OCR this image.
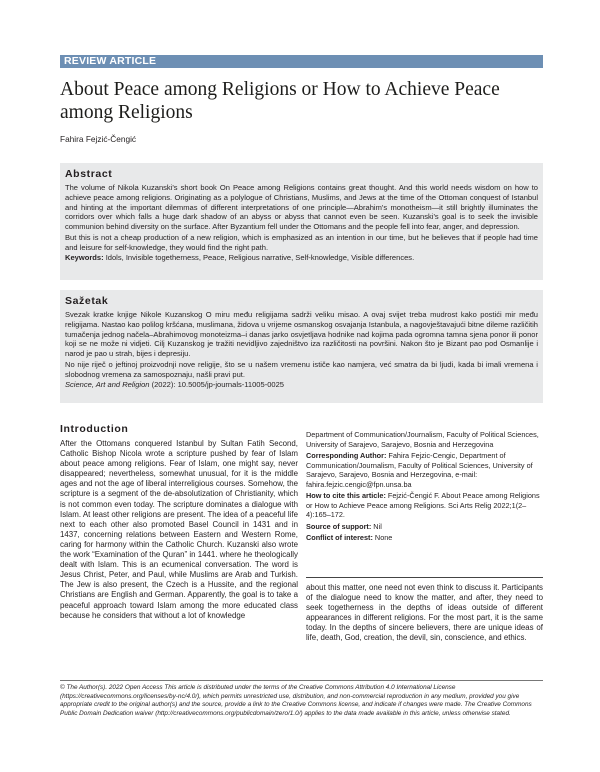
REVIEW ARTICLE
About Peace among Religions or How to Achieve Peace among Religions
Fahira Fejzić-Čengić
Abstract

The volume of Nikola Kuzanski's short book On Peace among Religions contains great thought. And this world needs wisdom on how to achieve peace among religions. Originating as a polylogue of Christians, Muslims, and Jews at the time of the Ottoman conquest of Istanbul and hinting at the important dilemmas of different interpretations of one principle—Abrahim's monotheism—it still brightly illuminates the corridors over which falls a huge dark shadow of an abyss or abyss that cannot even be seen. Kuzanski's goal is to seek the invisible communion behind diversity on the surface. After Byzantium fell under the Ottomans and the people fell into fear, anger, and depression.

But this is not a cheap production of a new religion, which is emphasized as an intention in our time, but he believes that if people had time and leisure for self-knowledge, they would find the right path.

Keywords: Idols, Invisible togetherness, Peace, Religious narrative, Self-knowledge, Visible differences.

Sažetak

Svezak kratke knjige Nikole Kuzanskog O miru među religijama sadrži veliku misao. A ovaj svijet treba mudrost kako postići mir među religijama. Nastao kao polilog kršćana, muslimana, židova u vrijeme osmanskog osvajanja Istanbula, a nagovještavajući bitne dileme različitih tumačenja jednog načela–Abrahimovog monoteizma–i danas jarko osvjetljava hodnike nad kojima pada ogromna tamna sjena ponor ili ponor koji se ne može ni vidjeti. Cilj Kuzanskog je tražiti nevidljivo zajedništvo iza različitosti na površini. Nakon što je Bizant pao pod Osmanlije i narod je pao u strah, bijes i depresiju.

No nije riječ o jeftinoj proizvodnji nove religije, što se u našem vremenu ističe kao namjera, već smatra da bi ljudi, kada bi imali vremena i slobodnog vremena za samospoznaju, našli pravi put.

Science, Art and Religion (2022): 10.5005/jp-journals-11005-0025

Introduction

After the Ottomans conquered Istanbul by Sultan Fatih Second, Catholic Bishop Nicola wrote a scripture pushed by fear of Islam about peace among religions. Fear of Islam, one might say, never disappeared; nevertheless, somewhat unusual, for it is the middle ages and not the age of liberal interreligious courses. Somehow, the scripture is a segment of the de-absolutization of Christianity, which is not common even today. The scripture dominates a dialogue with Islam. At least other religions are present. The idea of a peaceful life next to each other also promoted Basel Council in 1431 and in 1437, concerning relations between Eastern and Western Rome, caring for harmony within the Catholic Church. Kuzanski also wrote the work “Examination of the Quran” in 1441. where he theologically dealt with Islam. This is an ecumenical conversation. The word is Jesus Christ, Peter, and Paul, while Muslims are Arab and Turkish. The Jew is also present, the Czech is a Hussite, and the regional Christians are English and German. Apparently, the goal is to take a peaceful approach toward Islam among the more educated class because he considers that without a lot of knowledge

Department of Communication/Journalism, Faculty of Political Sciences, University of Sarajevo, Sarajevo, Bosnia and Herzegovina

Corresponding Author: Fahira Fejzic-Cengic, Department of Communication/Journalism, Faculty of Political Sciences, University of Sarajevo, Sarajevo, Bosnia and Herzegovina, e-mail: fahira.fejzic.cengic@fpn.unsa.ba

How to cite this article: Fejzić-Čengić F. About Peace among Religions or How to Achieve Peace among Religions. Sci Arts Relig 2022;1(2–4):165–172.

Source of support: Nil

Conflict of interest: None

about this matter, one need not even think to discuss it. Participants of the dialogue need to know the matter, and after, they need to seek togetherness in the depths of ideas outside of different appearances in different religions. For the most part, it is the same today. In the depths of sincere believers, there are unique ideas of life, death, God, creation, the devil, sin, conscience, and ethics.

© The Author(s). 2022 Open Access This article is distributed under the terms of the Creative Commons Attribution 4.0 International License (https://creativecommons.org/licenses/by-nc/4.0/), which permits unrestricted use, distribution, and non-commercial reproduction in any medium, provided you give appropriate credit to the original author(s) and the source, provide a link to the Creative Commons license, and indicate if changes were made. The Creative Commons Public Domain Dedication waiver (http://creativecommons.org/publicdomain/zero/1.0/) applies to the data made available in this article, unless otherwise stated.
